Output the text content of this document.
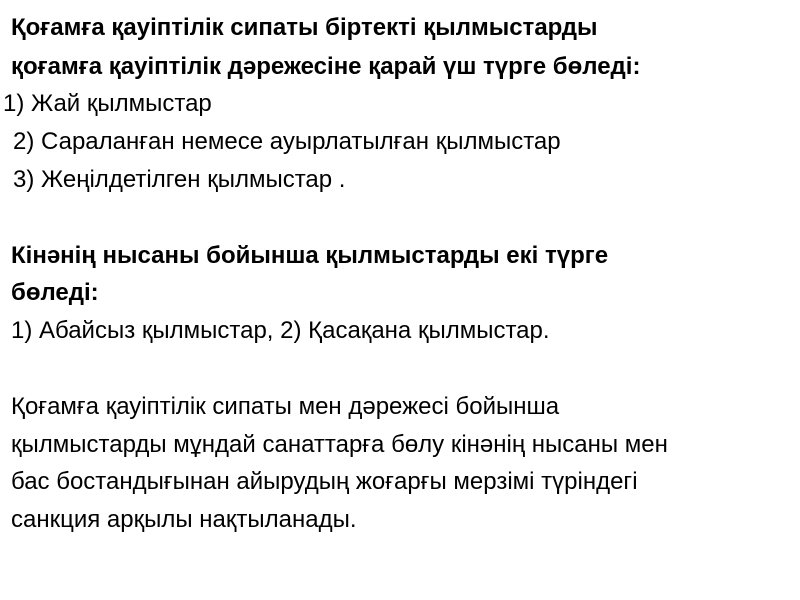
Қоғамға қауіптілік сипаты біртекті қылмыстарды
қоғамға қауіптілік дәрежесіне қарай үш түрге бөледі:
1) Жай қылмыстар
2) Сараланған немесе ауырлатылған қылмыстар
3) Жеңілдетілген қылмыстар .
Кінәнің нысаны бойынша қылмыстарды екі түрге
бөледі:
1) Абайсыз қылмыстар, 2) Қасақана қылмыстар.
Қоғамға қауіптілік сипаты мен дәрежесі бойынша
қылмыстарды мұндай санаттарға бөлу кінәнің нысаны мен
бас бостандығынан айырудың жоғарғы мерзімі түріндегі
санкция арқылы нақтыланады.
